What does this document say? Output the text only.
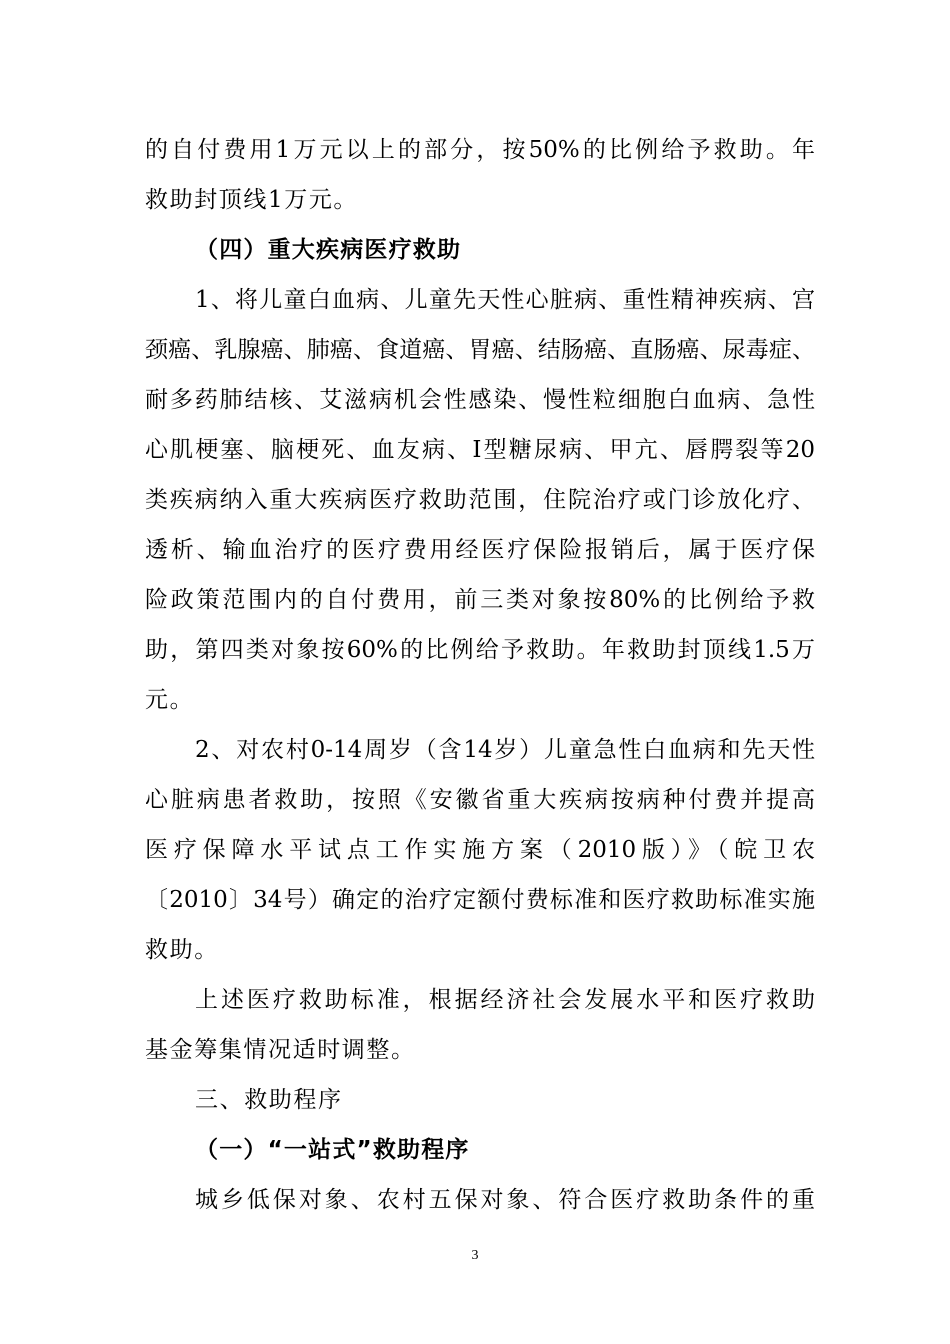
的自付费用1万元以上的部分，按50%的比例给予救助。年
救助封顶线1万元。
（四）重大疾病医疗救助
1、将儿童白血病、儿童先天性心脏病、重性精神疾病、宫
颈癌、乳腺癌、肺癌、食道癌、胃癌、结肠癌、直肠癌、尿毒症、
耐多药肺结核、艾滋病机会性感染、慢性粒细胞白血病、急性
心肌梗塞、脑梗死、血友病、I型糖尿病、甲亢、唇腭裂等20
类疾病纳入重大疾病医疗救助范围，住院治疗或门诊放化疗、
透析、输血治疗的医疗费用经医疗保险报销后，属于医疗保
险政策范围内的自付费用，前三类对象按80%的比例给予救
助，第四类对象按60%的比例给予救助。年救助封顶线1.5万
元。
2、对农村0-14周岁（含14岁）儿童急性白血病和先天性
心脏病患者救助，按照《安徽省重大疾病按病种付费并提高
医疗保障水平试点工作实施方案（2010版）》（皖卫农
〔2010〕34号）确定的治疗定额付费标准和医疗救助标准实施
救助。
上述医疗救助标准，根据经济社会发展水平和医疗救助
基金筹集情况适时调整。
三、救助程序
（一）“一站式”救助程序
城乡低保对象、农村五保对象、符合医疗救助条件的重
3
